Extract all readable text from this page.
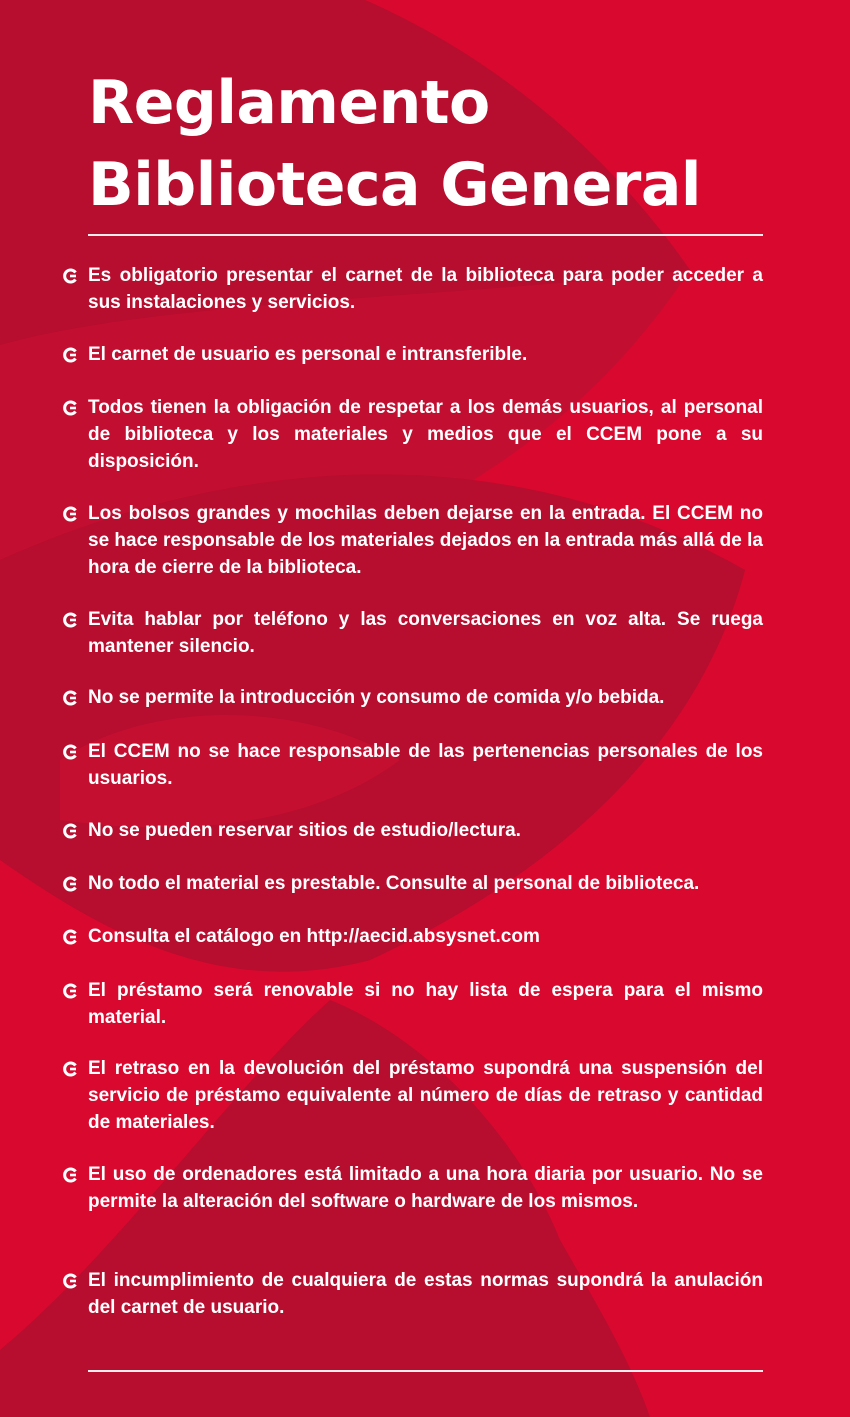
Reglamento
Biblioteca General
Es obligatorio presentar el carnet de la biblioteca para poder acceder a sus instalaciones y servicios.
El carnet de usuario es personal e intransferible.
Todos tienen la obligación de respetar a los demás usuarios, al personal de biblioteca y los materiales y medios que el CCEM pone a su disposición.
Los bolsos grandes y mochilas deben dejarse en la entrada. El CCEM no se hace responsable de los materiales dejados en la entrada más allá de la hora de cierre de la biblioteca.
Evita hablar por teléfono y las conversaciones en voz alta. Se ruega mantener silencio.
No se permite la introducción y consumo de comida y/o bebida.
El CCEM no se hace responsable de las pertenencias personales de los usuarios.
No se pueden reservar sitios de estudio/lectura.
No todo el material es prestable. Consulte al personal de biblioteca.
Consulta el catálogo en http://aecid.absysnet.com
El préstamo será renovable si no hay lista de espera para el mismo material.
El retraso en la devolución del préstamo supondrá una suspensión del servicio de préstamo equivalente al número de días de retraso y cantidad de materiales.
El uso de ordenadores está limitado a una hora diaria por usuario. No se permite la alteración del software o hardware de los mismos.
El incumplimiento de cualquiera de estas normas supondrá la anulación del carnet de usuario.
